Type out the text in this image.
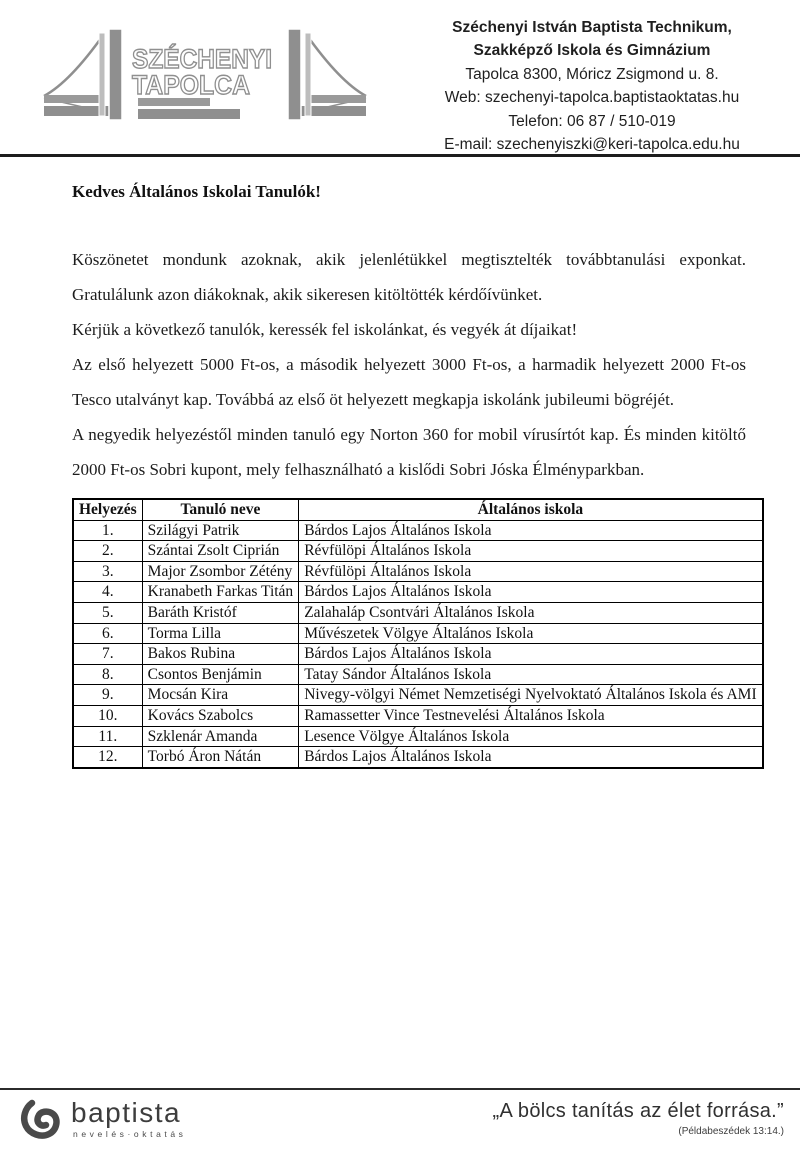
SZÉCHENYI
TAPOLCA
Széchenyi István Baptista Technikum,
Szakképző Iskola és Gimnázium
Tapolca 8300, Móricz Zsigmond u. 8.
Web: szechenyi-tapolca.baptistaoktatas.hu
Telefon: 06 87 / 510-019
E-mail: szechenyiszki@keri-tapolca.edu.hu
Kedves Általános Iskolai Tanulók!

Köszönetet mondunk azoknak, akik jelenlétükkel megtisztelték továbbtanulási exponkat. Gratulálunk azon diákoknak, akik sikeresen kitöltötték kérdőívünket.

Kérjük a következő tanulók, keressék fel iskolánkat, és vegyék át díjaikat!

Az első helyezett 5000 Ft-os, a második helyezett 3000 Ft-os, a harmadik helyezett 2000 Ft-os Tesco utalványt kap. Továbbá az első öt helyezett megkapja iskolánk jubileumi bögréjét.

A negyedik helyezéstől minden tanuló egy Norton 360 for mobil vírusírtót kap. És minden kitöltő 2000 Ft-os Sobri kupont, mely felhasználható a kislődi Sobri Jóska Élményparkban.

Helyezés	Tanuló neve	Általános iskola
1.	Szilágyi Patrik	Bárdos Lajos Általános Iskola
2.	Szántai Zsolt Ciprián	Révfülöpi Általános Iskola
3.	Major Zsombor Zétény	Révfülöpi Általános Iskola
4.	Kranabeth Farkas Titán	Bárdos Lajos Általános Iskola
5.	Baráth Kristóf	Zalahaláp Csontvári Általános Iskola
6.	Torma Lilla	Művészetek Völgye Általános Iskola
7.	Bakos Rubina	Bárdos Lajos Általános Iskola
8.	Csontos Benjámin	Tatay Sándor Általános Iskola
9.	Mocsán Kira	Nivegy-völgyi Német Nemzetiségi Nyelvoktató Általános Iskola és AMI
10.	Kovács Szabolcs	Ramassetter Vince Testnevelési Általános Iskola
11.	Szklenár Amanda	Lesence Völgye Általános Iskola
12.	Torbó Áron Nátán	Bárdos Lajos Általános Iskola
baptista
nevelés·oktatás
„A bölcs tanítás az élet forrása.”
(Példabeszédek 13:14.)
